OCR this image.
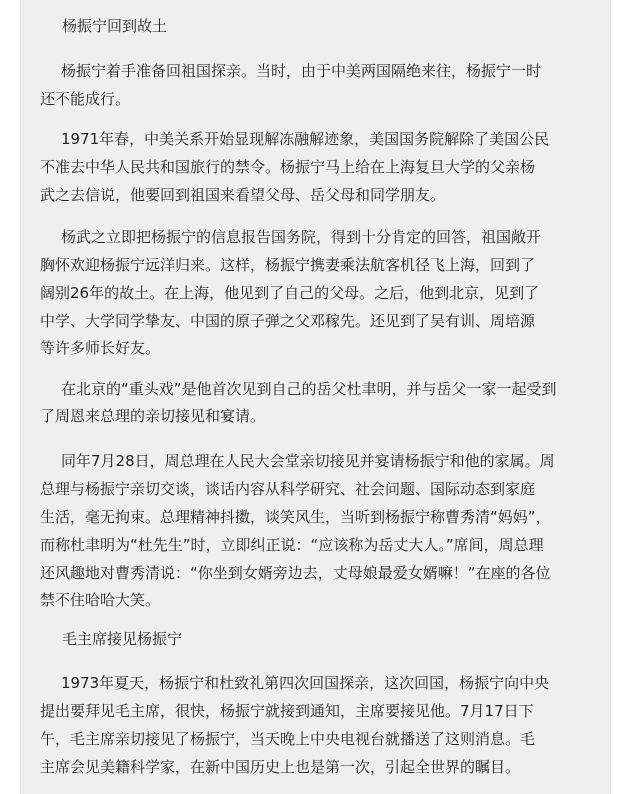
杨振宁回到故土

杨振宁着手准备回祖国探亲。当时，由于中美两国隔绝来往，杨振宁一时

还不能成行。

1971年春，中美关系开始显现解冻融解迹象，美国国务院解除了美国公民

不准去中华人民共和国旅行的禁令。杨振宁马上给在上海复旦大学的父亲杨

武之去信说，他要回到祖国来看望父母、岳父母和同学朋友。

杨武之立即把杨振宁的信息报告国务院，得到十分肯定的回答，祖国敞开

胸怀欢迎杨振宁远洋归来。这样，杨振宁携妻乘法航客机径飞上海，回到了

阔别26年的故土。在上海，他见到了自己的父母。之后，他到北京，见到了

中学、大学同学挚友、中国的原子弹之父邓稼先。还见到了吴有训、周培源

等许多师长好友。

在北京的“重头戏”是他首次见到自己的岳父杜聿明，并与岳父一家一起受到

了周恩来总理的亲切接见和宴请。

同年7月28日，周总理在人民大会堂亲切接见并宴请杨振宁和他的家属。周

总理与杨振宁亲切交谈，谈话内容从科学研究、社会问题、国际动态到家庭

生活，毫无拘束。总理精神抖擞，谈笑风生，当听到杨振宁称曹秀清“妈妈”，

而称杜聿明为“杜先生”时，立即纠正说：“应该称为岳丈大人。”席间，周总理

还风趣地对曹秀清说：“你坐到女婿旁边去，丈母娘最爱女婿嘛！”在座的各位

禁不住哈哈大笑。

毛主席接见杨振宁

1973年夏天，杨振宁和杜致礼第四次回国探亲，这次回国，杨振宁向中央

提出要拜见毛主席，很快，杨振宁就接到通知，主席要接见他。7月17日下

午，毛主席亲切接见了杨振宁，当天晚上中央电视台就播送了这则消息。毛

主席会见美籍科学家，在新中国历史上也是第一次，引起全世界的瞩目。
